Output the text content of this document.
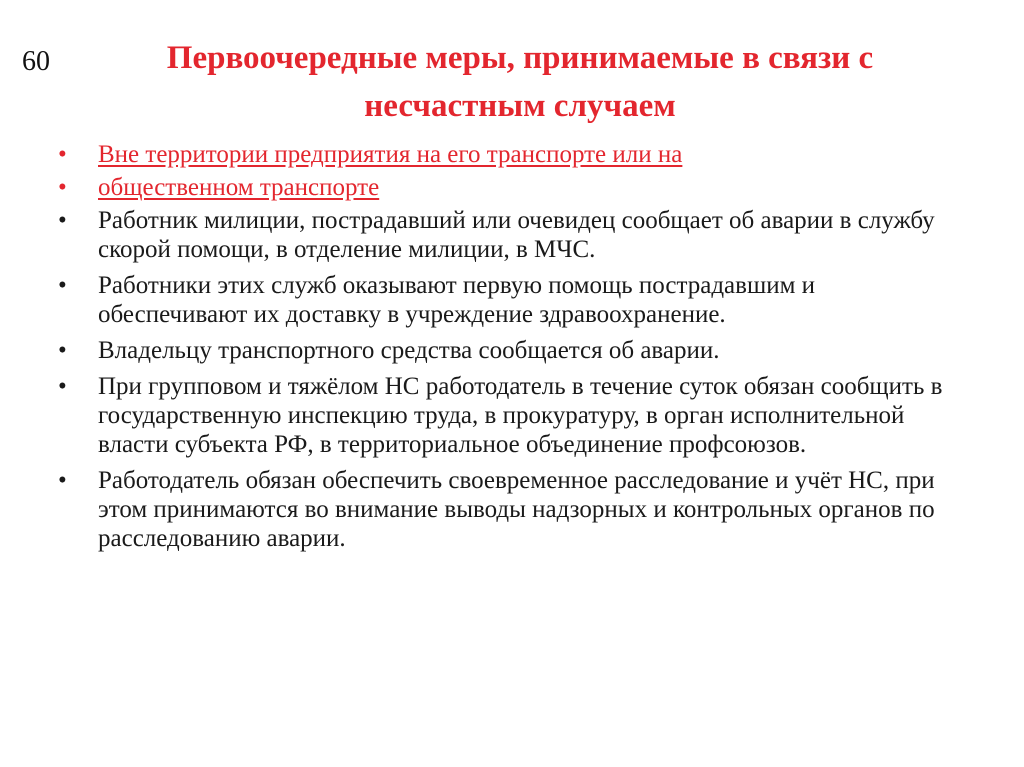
60	Первоочередные меры, принимаемые в связи с
несчастным случаем
•	Вне территории предприятия на его транспорте или на
•	общественном транспорте
•	Работник милиции, пострадавший или очевидец сообщает об аварии в службу скорой помощи, в отделение милиции, в МЧС.
•	Работники этих служб оказывают первую помощь пострадавшим и обеспечивают их доставку в учреждение здравоохранение.
•	Владельцу транспортного средства сообщается об аварии.
•	При групповом и тяжёлом НС работодатель в течение суток обязан сообщить в государственную инспекцию труда, в прокуратуру, в орган исполнительной власти субъекта РФ, в территориальное объединение профсоюзов.
•	Работодатель обязан обеспечить своевременное расследование и учёт НС, при этом принимаются во внимание выводы надзорных и контрольных органов по расследованию аварии.
